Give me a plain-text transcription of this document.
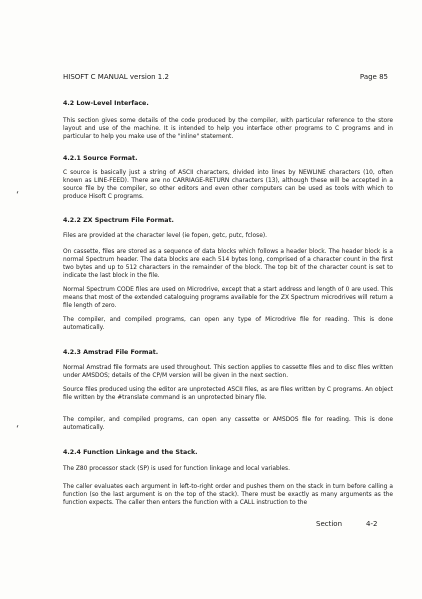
‘
‘
HISOFT C MANUAL version 1.2	Page 85
4.2 Low-Level Interface.
This section gives some details of the code produced by the compiler, with particular reference to the store layout and use of the machine. It is intended to help you interface other programs to C programs and in particular to help you make use of the "inline" statement.
4.2.1 Source Format.
C source is basically just a string of ASCII characters, divided into lines by NEWLINE characters (10, often known as LINE-FEED). There are no CARRIAGE-RETURN characters (13), although these will be accepted in a source file by the compiler, so other editors and even other computers can be used as tools with which to produce Hisoft C programs.
4.2.2 ZX Spectrum File Format.
Files are provided at the character level (ie fopen, getc, putc, fclose).
On cassette, files are stored as a sequence of data blocks which follows a header block. The header block is a normal Spectrum header. The data blocks are each 514 bytes long, comprised of a character count in the first two bytes and up to 512 characters in the remainder of the block. The top bit of the character count is set to indicate the last block in the file.
Normal Spectrum CODE files are used on Microdrive, except that a start address and length of 0 are used. This means that most of the extended cataloguing programs available for the ZX Spectrum microdrives will return a file length of zero.
The compiler, and compiled programs, can open any type of Microdrive file for reading. This is done automatically.
4.2.3 Amstrad File Format.
Normal Amstrad file formats are used throughout. This section applies to cassette files and to disc files written under AMSDOS; details of the CP/M version will be given in the next section.
Source files produced using the editor are unprotected ASCII files, as are files written by C programs. An object file written by the #translate command is an unprotected binary file.
The compiler, and compiled programs, can open any cassette or AMSDOS file for reading. This is done automatically.
4.2.4 Function Linkage and the Stack.
The Z80 processor stack (SP) is used for function linkage and local variables.
The caller evaluates each argument in left-to-right order and pushes them on the stack in turn before calling a function (so the last argument is on the top of the stack). There must be exactly as many arguments as the function expects. The caller then enters the function with a CALL instruction to the
Section	4-2
